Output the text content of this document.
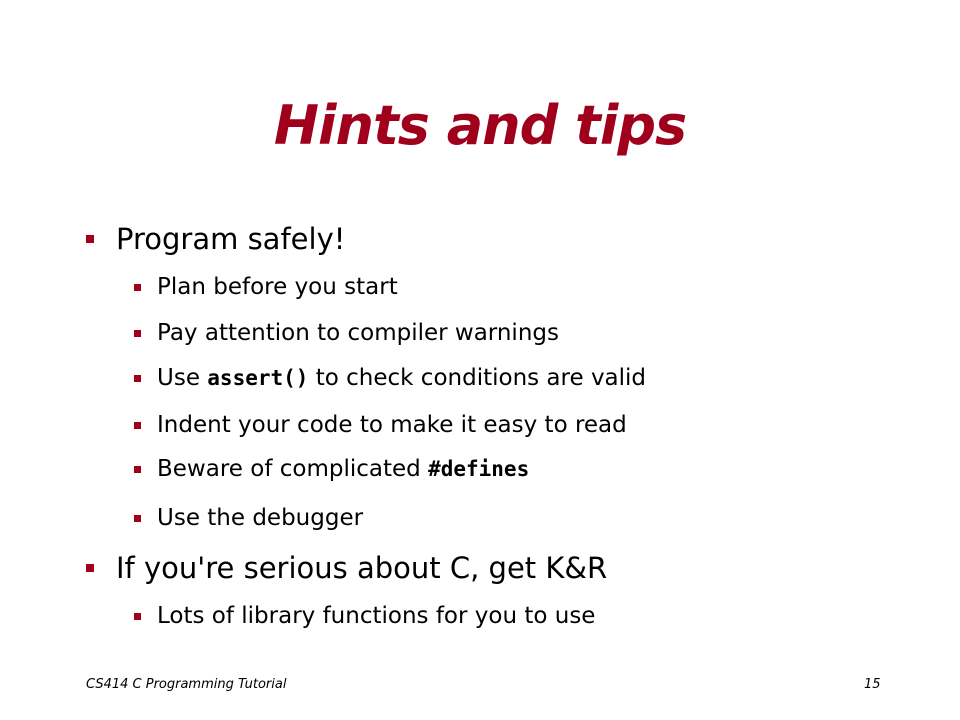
Hints and tips
Program safely!
Plan before you start
Pay attention to compiler warnings
Use assert() to check conditions are valid
Indent your code to make it easy to read
Beware of complicated #defines
Use the debugger
If you're serious about C, get K&R
Lots of library functions for you to use
CS414 C Programming Tutorial	15
